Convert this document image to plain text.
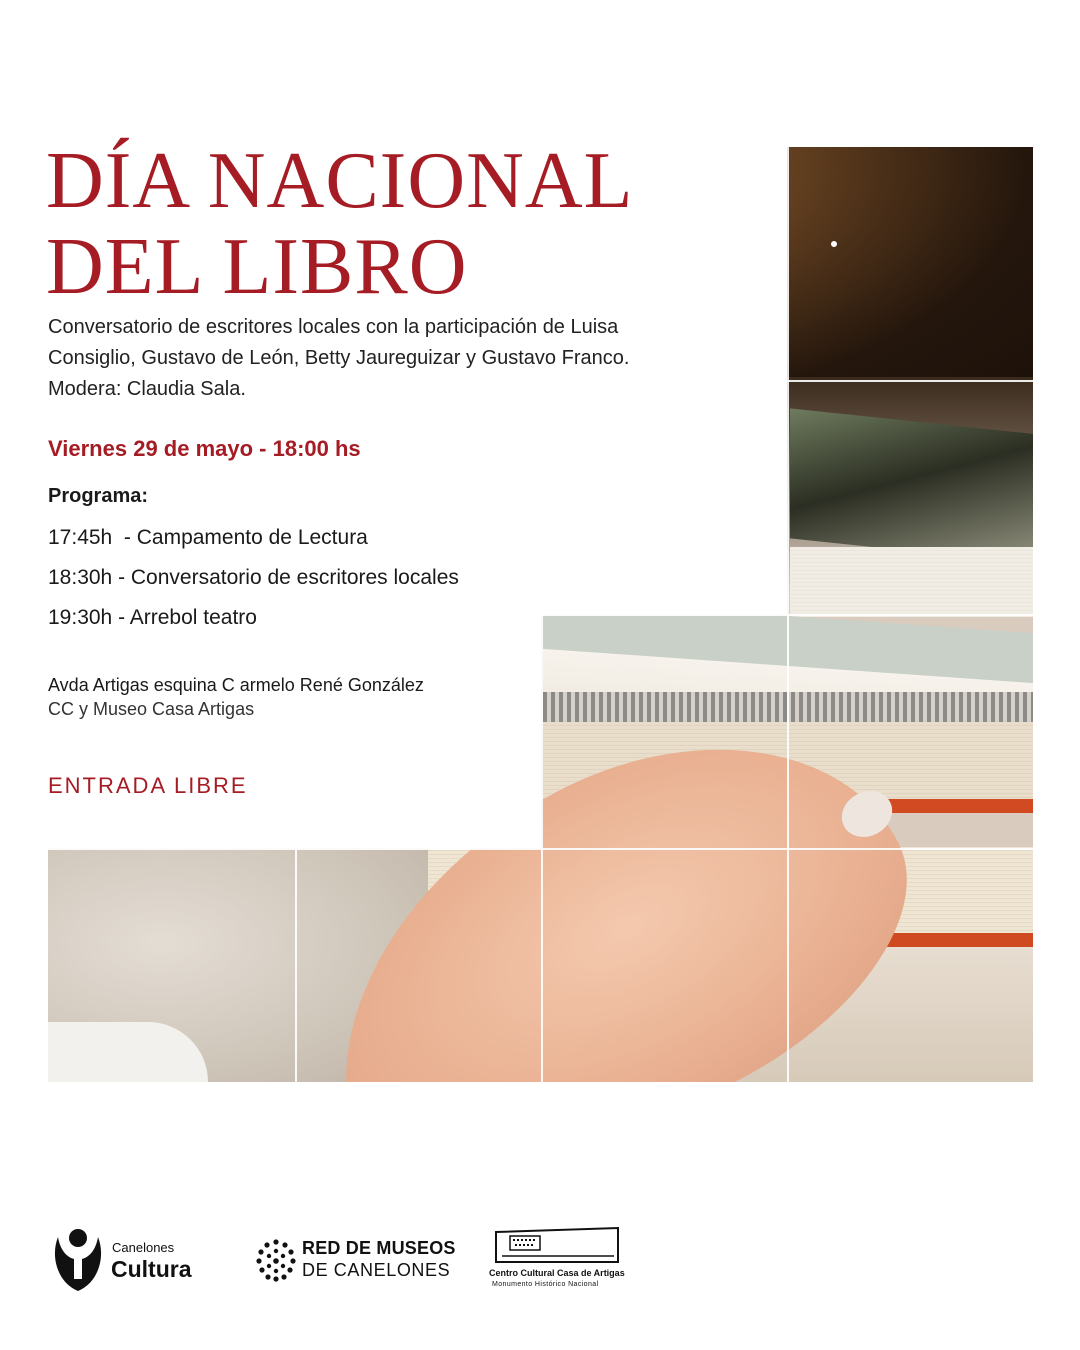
DÍA NACIONAL
DEL LIBRO

Conversatorio de escritores locales con la participación de Luisa Consiglio, Gustavo de León, Betty Jaureguizar y Gustavo Franco. Modera: Claudia Sala.

Viernes 29 de mayo - 18:00 hs

Programa:

17:45h  - Campamento de Lectura
18:30h - Conversatorio de escritores locales
19:30h - Arrebol teatro
Avda Artigas esquina C armelo René González
CC y Museo Casa Artigas
ENTRADA LIBRE
Canelones
Cultura
RED DE MUSEOS
DE CANELONES	Centro Cultural Casa de Artigas
Monumento Histórico Nacional
